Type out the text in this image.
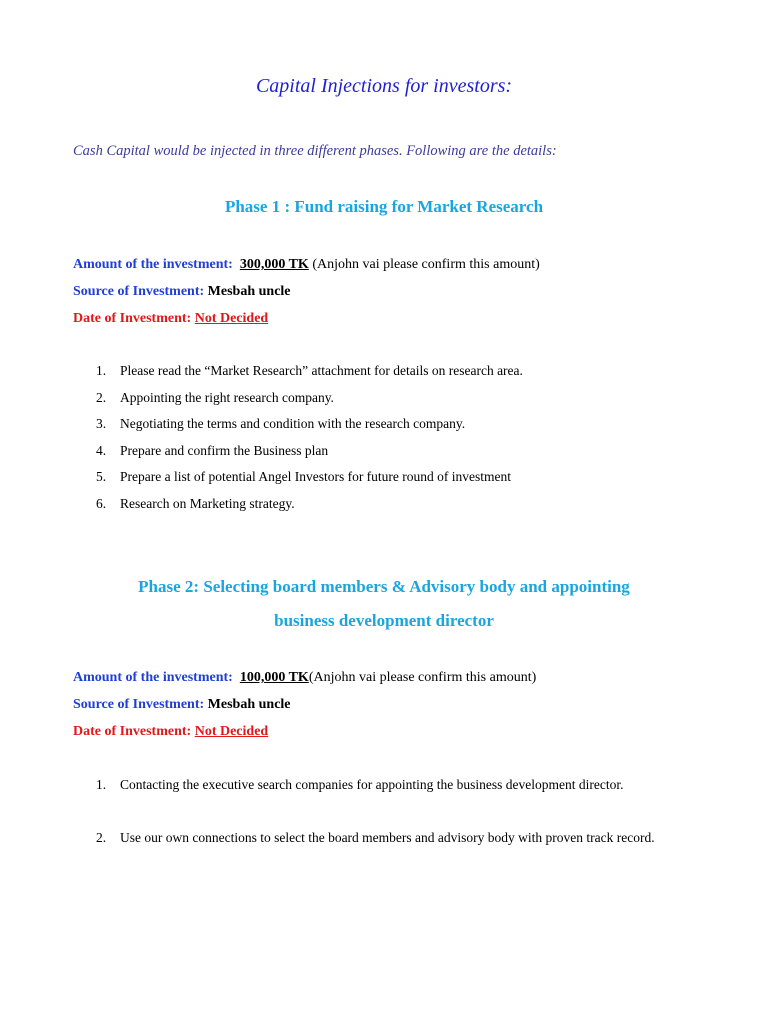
Capital Injections for investors:
Cash Capital would be injected in three different phases. Following are the details:
Phase 1 : Fund raising for Market Research
Amount of the investment: 300,000 TK (Anjohn vai please confirm this amount)
Source of Investment: Mesbah uncle
Date of Investment: Not Decided
1. Please read the “Market Research” attachment for details on research area.
2. Appointing the right research company.
3. Negotiating the terms and condition with the research company.
4. Prepare and confirm the Business plan
5. Prepare a list of potential Angel Investors for future round of investment
6. Research on Marketing strategy.
Phase 2: Selecting board members & Advisory body and appointing
business development director
Amount of the investment: 100,000 TK(Anjohn vai please confirm this amount)
Source of Investment: Mesbah uncle
Date of Investment: Not Decided
1. Contacting the executive search companies for appointing the business development director.
2. Use our own connections to select the board members and advisory body with proven track record.
